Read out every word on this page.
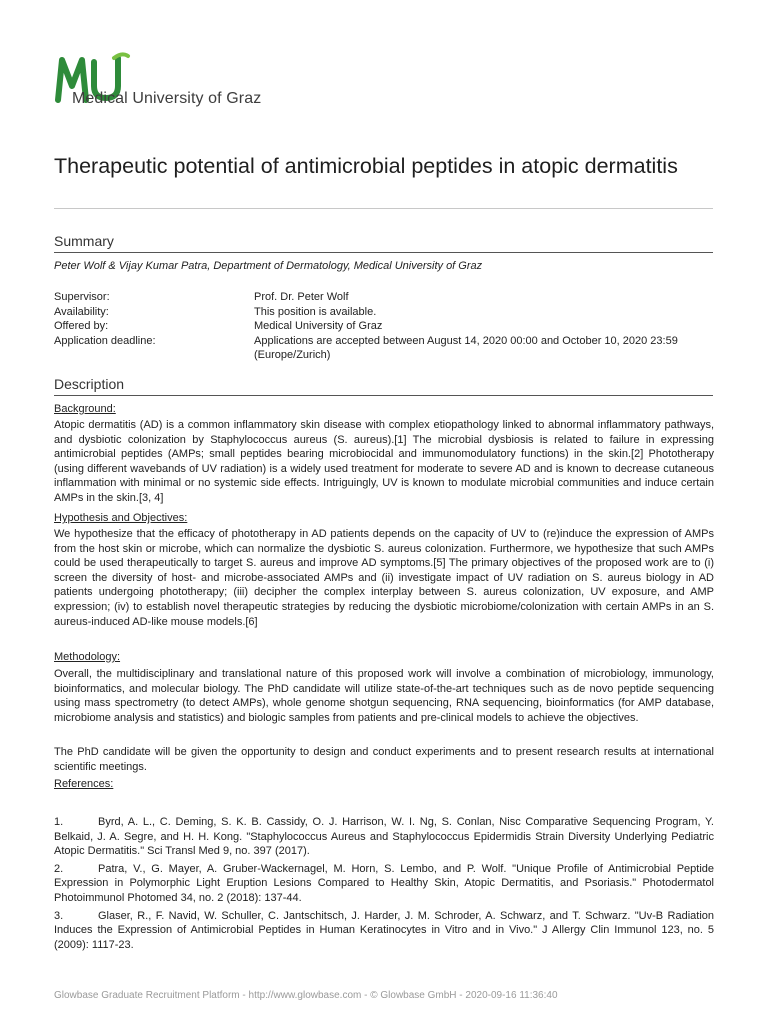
Medical University of Graz
Therapeutic potential of antimicrobial peptides in atopic dermatitis
Summary
Peter Wolf & Vijay Kumar Patra, Department of Dermatology, Medical University of Graz
Supervisor:	Prof. Dr. Peter Wolf
Availability:	This position is available.
Offered by:	Medical University of Graz
Application deadline:	Applications are accepted between August 14, 2020 00:00 and October 10, 2020 23:59 (Europe/Zurich)
Description
Background:
Atopic dermatitis (AD) is a common inflammatory skin disease with complex etiopathology linked to abnormal inflammatory pathways, and dysbiotic colonization by Staphylococcus aureus (S. aureus).[1] The microbial dysbiosis is related to failure in expressing antimicrobial peptides (AMPs; small peptides bearing microbiocidal and immunomodulatory functions) in the skin.[2] Phototherapy (using different wavebands of UV radiation) is a widely used treatment for moderate to severe AD and is known to decrease cutaneous inflammation with minimal or no systemic side effects. Intriguingly, UV is known to modulate microbial communities and induce certain AMPs in the skin.[3, 4]
Hypothesis and Objectives:
We hypothesize that the efficacy of phototherapy in AD patients depends on the capacity of UV to (re)induce the expression of AMPs from the host skin or microbe, which can normalize the dysbiotic S. aureus colonization. Furthermore, we hypothesize that such AMPs could be used therapeutically to target S. aureus and improve AD symptoms.[5] The primary objectives of the proposed work are to (i) screen the diversity of host- and microbe-associated AMPs and (ii) investigate impact of UV radiation on S. aureus biology in AD patients undergoing phototherapy; (iii) decipher the complex interplay between S. aureus colonization, UV exposure, and AMP expression; (iv) to establish novel therapeutic strategies by reducing the dysbiotic microbiome/colonization with certain AMPs in an S. aureus-induced AD-like mouse models.[6]
Methodology:
Overall, the multidisciplinary and translational nature of this proposed work will involve a combination of microbiology, immunology, bioinformatics, and molecular biology. The PhD candidate will utilize state-of-the-art techniques such as de novo peptide sequencing using mass spectrometry (to detect AMPs), whole genome shotgun sequencing, RNA sequencing, bioinformatics (for AMP database, microbiome analysis and statistics) and biologic samples from patients and pre-clinical models to achieve the objectives.
The PhD candidate will be given the opportunity to design and conduct experiments and to present research results at international scientific meetings.
References:
1.	Byrd, A. L., C. Deming, S. K. B. Cassidy, O. J. Harrison, W. I. Ng, S. Conlan, Nisc Comparative Sequencing Program, Y. Belkaid, J. A. Segre, and H. H. Kong. "Staphylococcus Aureus and Staphylococcus Epidermidis Strain Diversity Underlying Pediatric Atopic Dermatitis." Sci Transl Med 9, no. 397 (2017).
2.	Patra, V., G. Mayer, A. Gruber-Wackernagel, M. Horn, S. Lembo, and P. Wolf. "Unique Profile of Antimicrobial Peptide Expression in Polymorphic Light Eruption Lesions Compared to Healthy Skin, Atopic Dermatitis, and Psoriasis." Photodermatol Photoimmunol Photomed 34, no. 2 (2018): 137-44.
3.	Glaser, R., F. Navid, W. Schuller, C. Jantschitsch, J. Harder, J. M. Schroder, A. Schwarz, and T. Schwarz. "Uv-B Radiation Induces the Expression of Antimicrobial Peptides in Human Keratinocytes in Vitro and in Vivo." J Allergy Clin Immunol 123, no. 5 (2009): 1117-23.
Glowbase Graduate Recruitment Platform - http://www.glowbase.com - © Glowbase GmbH - 2020-09-16 11:36:40
